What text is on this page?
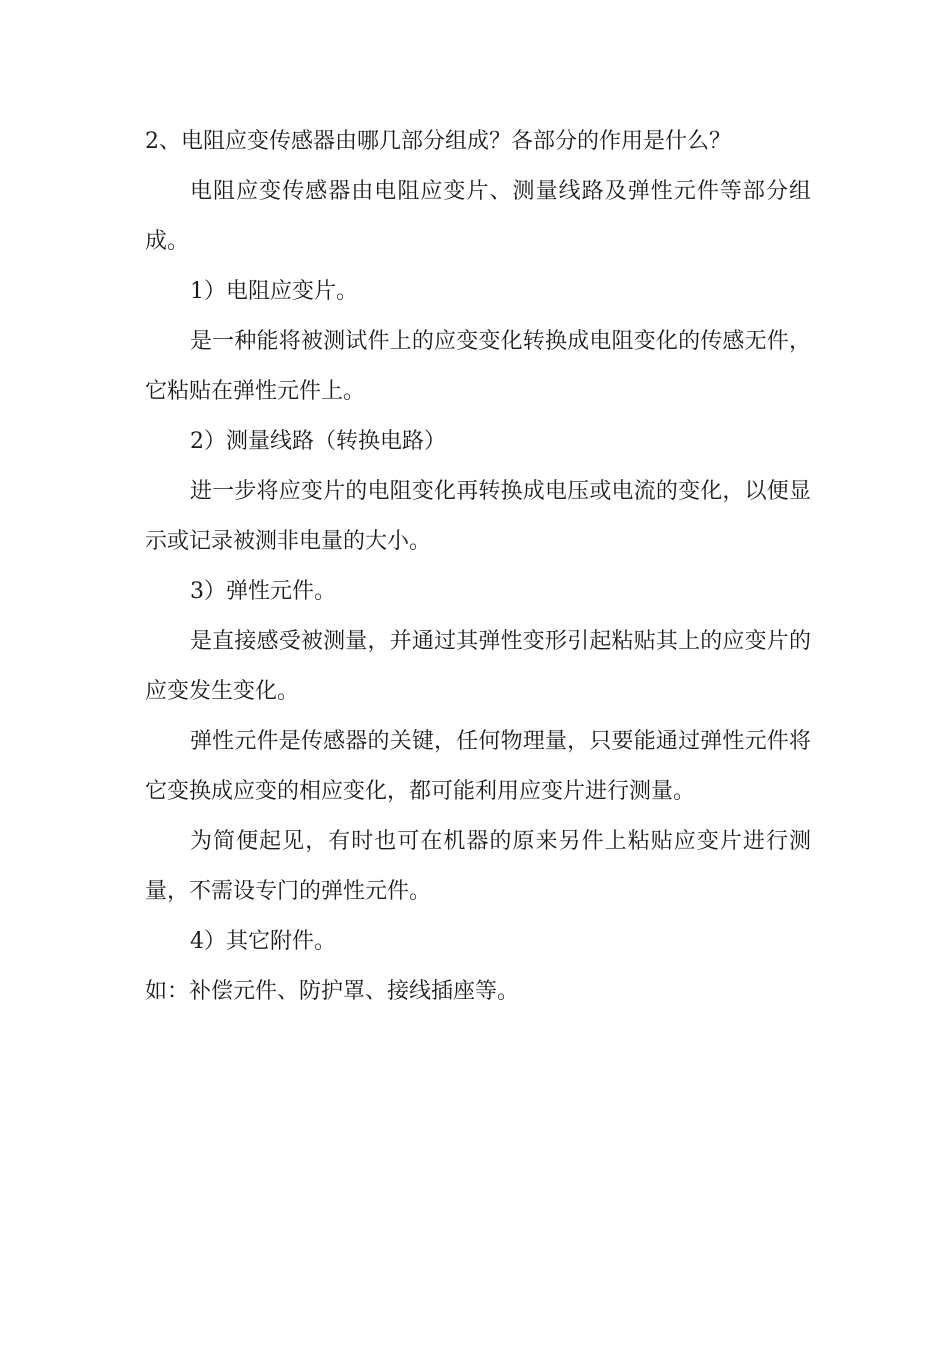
2、电阻应变传感器由哪几部分组成？各部分的作用是什么？

电阻应变传感器由电阻应变片、测量线路及弹性元件等部分组成。

1）电阻应变片。

是一种能将被测试件上的应变变化转换成电阻变化的传感无件，它粘贴在弹性元件上。

2）测量线路（转换电路）

进一步将应变片的电阻变化再转换成电压或电流的变化，以便显示或记录被测非电量的大小。

3）弹性元件。

是直接感受被测量，并通过其弹性变形引起粘贴其上的应变片的应变发生变化。

弹性元件是传感器的关键，任何物理量，只要能通过弹性元件将它变换成应变的相应变化，都可能利用应变片进行测量。

为简便起见，有时也可在机器的原来另件上粘贴应变片进行测量，不需设专门的弹性元件。

4）其它附件。

如：补偿元件、防护罩、接线插座等。
